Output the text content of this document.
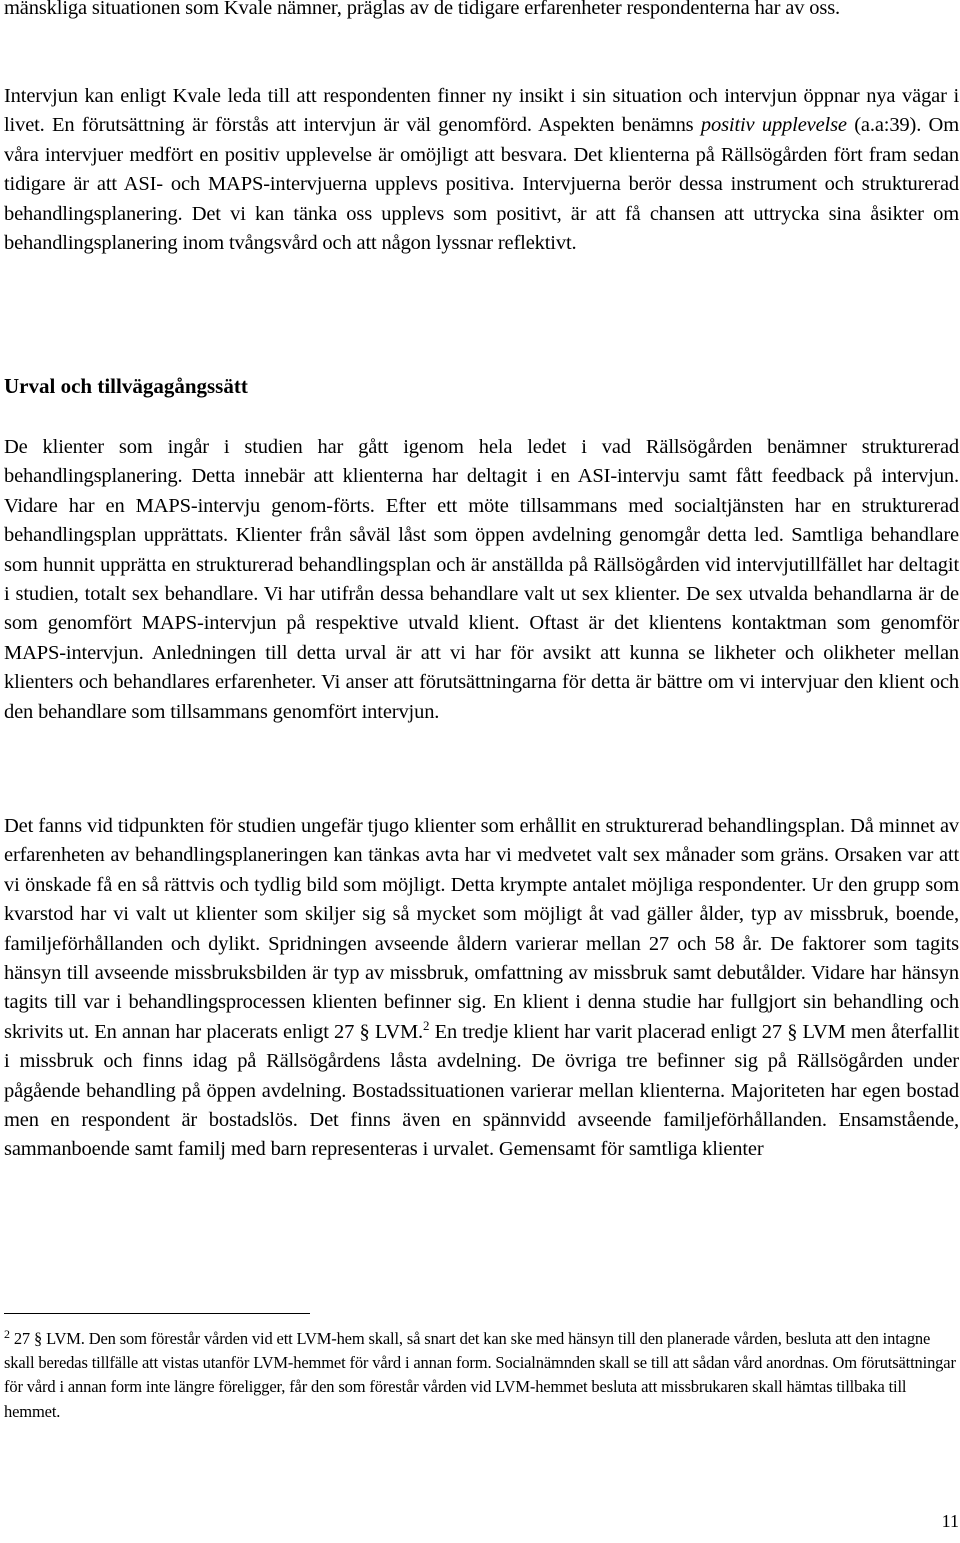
mänskliga situationen som Kvale nämner, präglas av de tidigare erfarenheter respondenterna har av oss.

Intervjun kan enligt Kvale leda till att respondenten finner ny insikt i sin situation och intervjun öppnar nya vägar i livet. En förutsättning är förstås att intervjun är väl genomförd. Aspekten benämns positiv upplevelse (a.a:39). Om våra intervjuer medfört en positiv upplevelse är omöjligt att besvara. Det klienterna på Rällsögården fört fram sedan tidigare är att ASI- och MAPS-intervjuerna upplevs positiva. Intervjuerna berör dessa instrument och strukturerad behandlingsplanering. Det vi kan tänka oss upplevs som positivt, är att få chansen att uttrycka sina åsikter om behandlingsplanering inom tvångsvård och att någon lyssnar reflektivt.

Urval och tillvägagångssätt

De klienter som ingår i studien har gått igenom hela ledet i vad Rällsögården benämner strukturerad behandlingsplanering. Detta innebär att klienterna har deltagit i en ASI-intervju samt fått feedback på intervjun. Vidare har en MAPS-intervju genom-förts. Efter ett möte tillsammans med socialtjänsten har en strukturerad behandlingsplan upprättats. Klienter från såväl låst som öppen avdelning genomgår detta led. Samtliga behandlare som hunnit upprätta en strukturerad behandlingsplan och är anställda på Rällsögården vid intervjutillfället har deltagit i studien, totalt sex behandlare. Vi har utifrån dessa behandlare valt ut sex klienter. De sex utvalda behandlarna är de som genomfört MAPS-intervjun på respektive utvald klient. Oftast är det klientens kontaktman som genomför MAPS-intervjun. Anledningen till detta urval är att vi har för avsikt att kunna se likheter och olikheter mellan klienters och behandlares erfarenheter. Vi anser att förutsättningarna för detta är bättre om vi intervjuar den klient och den behandlare som tillsammans genomfört intervjun.

Det fanns vid tidpunkten för studien ungefär tjugo klienter som erhållit en strukturerad behandlingsplan. Då minnet av erfarenheten av behandlingsplaneringen kan tänkas avta har vi medvetet valt sex månader som gräns. Orsaken var att vi önskade få en så rättvis och tydlig bild som möjligt. Detta krympte antalet möjliga respondenter. Ur den grupp som kvarstod har vi valt ut klienter som skiljer sig så mycket som möjligt åt vad gäller ålder, typ av missbruk, boende, familjeförhållanden och dylikt. Spridningen avseende åldern varierar mellan 27 och 58 år. De faktorer som tagits hänsyn till avseende missbruksbilden är typ av missbruk, omfattning av missbruk samt debutålder. Vidare har hänsyn tagits till var i behandlingsprocessen klienten befinner sig. En klient i denna studie har fullgjort sin behandling och skrivits ut. En annan har placerats enligt 27 § LVM.$^2$ En tredje klient har varit placerad enligt 27 § LVM men återfallit i missbruk och finns idag på Rällsögårdens låsta avdelning. De övriga tre befinner sig på Rällsögården under pågående behandling på öppen avdelning. Bostadssituationen varierar mellan klienterna. Majoriteten har egen bostad men en respondent är bostadslös. Det finns även en spännvidd avseende familjeförhållanden. Ensamstående, sammanboende samt familj med barn representeras i urvalet. Gemensamt för samtliga klienter

$^2$ 27 § LVM. Den som förestår vården vid ett LVM-hem skall, så snart det kan ske med hänsyn till den planerade vården, besluta att den intagne skall beredas tillfälle att vistas utanför LVM-hemmet för vård i annan form. Socialnämnden skall se till att sådan vård anordnas. Om förutsättningar för vård i annan form inte längre föreligger, får den som förestår vården vid LVM-hemmet besluta att missbrukaren skall hämtas tillbaka till hemmet.

11
